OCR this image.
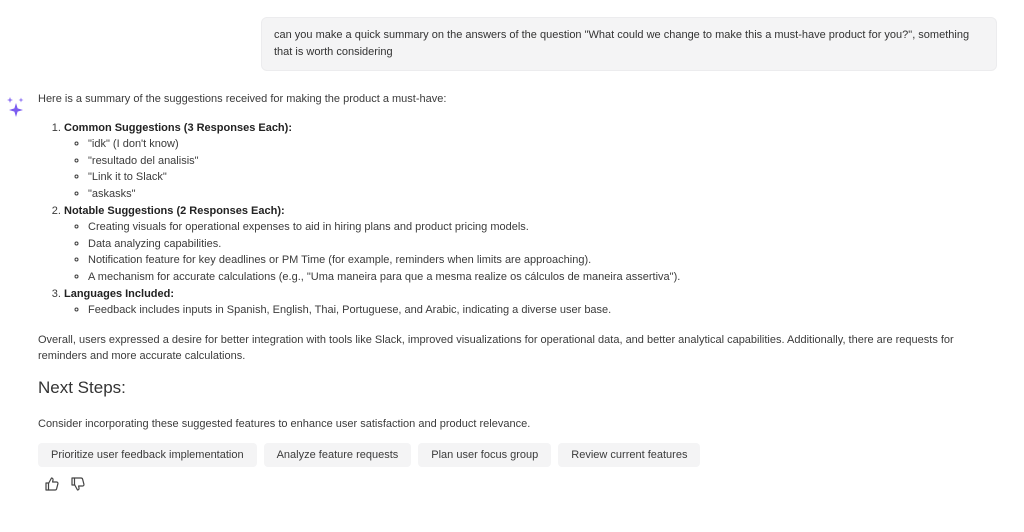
can you make a quick summary on the answers of the question "What could we change to make this a must-have product for you?", something that is worth considering

Here is a summary of the suggestions received for making the product a must-have:

1. Common Suggestions (3 Responses Each):
◦ "idk" (I don't know)
◦ "resultado del analisis"
◦ "Link it to Slack"
◦ "askasks"
2. Notable Suggestions (2 Responses Each):
◦ Creating visuals for operational expenses to aid in hiring plans and product pricing models.
◦ Data analyzing capabilities.
◦ Notification feature for key deadlines or PM Time (for example, reminders when limits are approaching).
◦ A mechanism for accurate calculations (e.g., "Uma maneira para que a mesma realize os cálculos de maneira assertiva").
3. Languages Included:
◦ Feedback includes inputs in Spanish, English, Thai, Portuguese, and Arabic, indicating a diverse user base.

Overall, users expressed a desire for better integration with tools like Slack, improved visualizations for operational data, and better analytical capabilities. Additionally, there are requests for reminders and more accurate calculations.

Next Steps:

Consider incorporating these suggested features to enhance user satisfaction and product relevance.

Prioritize user feedback implementation	Analyze feature requests	Plan user focus group	Review current features
